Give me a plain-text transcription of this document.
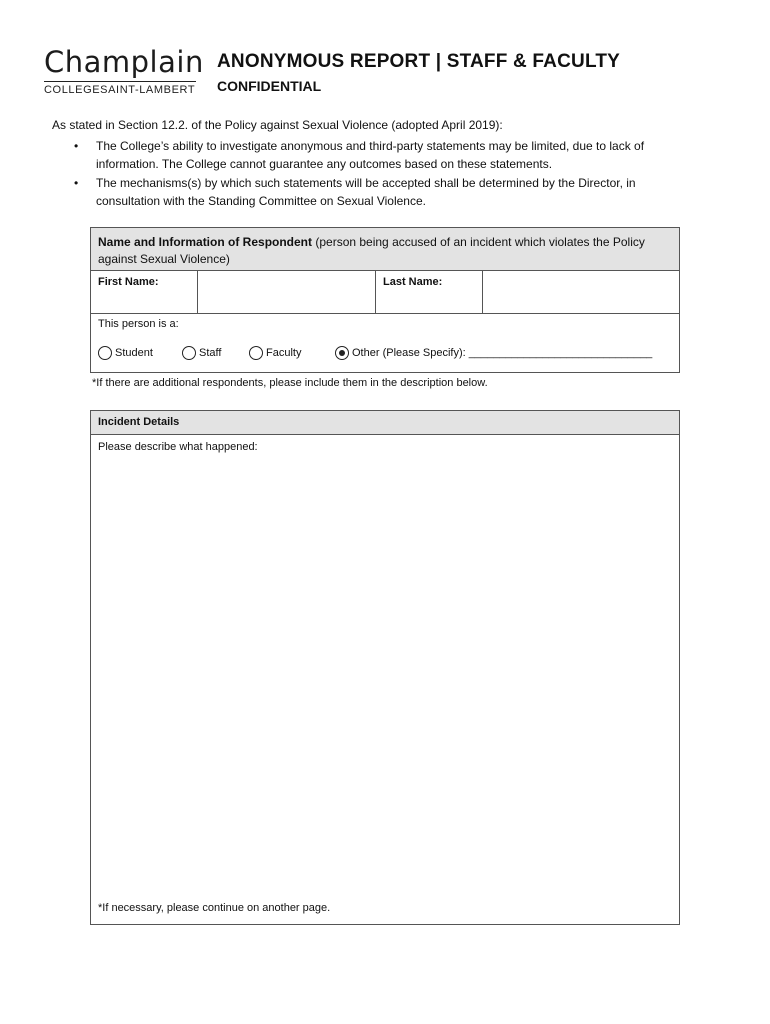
Champlain
COLLEGESAINT-LAMBERT
ANONYMOUS REPORT | STAFF & FACULTY
CONFIDENTIAL
As stated in Section 12.2. of the Policy against Sexual Violence (adopted April 2019):
• The College’s ability to investigate anonymous and third-party statements may be limited, due to lack of information. The College cannot guarantee any outcomes based on these statements.
• The mechanisms(s) by which such statements will be accepted shall be determined by the Director, in consultation with the Standing Committee on Sexual Violence.
Name and Information of Respondent (person being accused of an incident which violates the Policy against Sexual Violence)
First Name:	Last Name:
This person is a:
Student	Staff	Faculty	Other (Please Specify): ______________________________
*If there are additional respondents, please include them in the description below.
Incident Details
Please describe what happened:
*If necessary, please continue on another page.
